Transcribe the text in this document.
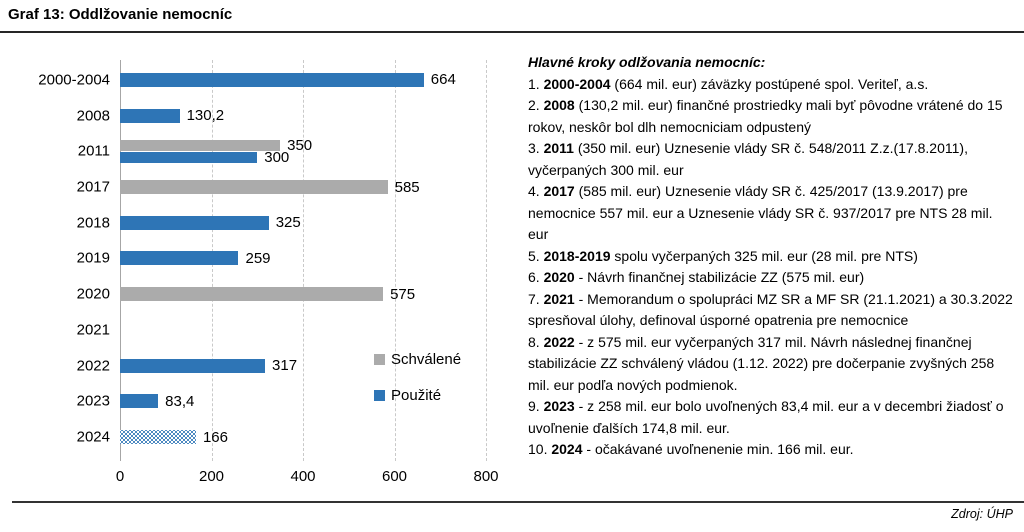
Graf 13: Oddlžovanie nemocníc
2000-2004	664
2008	130,2
2011	350
300
2017	585
2018	325
2019	259
2020	575
2021
2022	317
2023	83,4
2024	166
0	200	400	600	800
Schválené
Použité
Hlavné kroky odlžovania nemocníc:
1. 2000-2004 (664 mil. eur) záväzky postúpené spol. Veriteľ, a.s.
2. 2008 (130,2 mil. eur) finančné prostriedky mali byť pôvodne vrátené do 15 rokov, neskôr bol dlh nemocniciam odpustený
3. 2011 (350 mil. eur) Uznesenie vlády SR č. 548/2011 Z.z.(17.8.2011), vyčerpaných 300 mil. eur
4. 2017 (585 mil. eur) Uznesenie vlády SR č. 425/2017 (13.9.2017) pre nemocnice 557 mil. eur a Uznesenie vlády SR č. 937/2017 pre NTS 28 mil. eur
5. 2018-2019 spolu vyčerpaných 325 mil. eur (28 mil. pre NTS)
6. 2020 - Návrh finančnej stabilizácie ZZ (575 mil. eur)
7. 2021 - Memorandum o spolupráci MZ SR a MF SR (21.1.2021) a 30.3.2022 spresňoval úlohy, definoval úsporné opatrenia pre nemocnice
8. 2022 - z 575 mil. eur vyčerpaných 317 mil. Návrh následnej finančnej stabilizácie ZZ schválený vládou (1.12. 2022) pre dočerpanie zvyšných 258 mil. eur podľa nových podmienok.
9. 2023 - z 258 mil. eur bolo uvoľnených 83,4 mil. eur a v decembri žiadosť o uvoľnenie ďalších 174,8 mil. eur.
10. 2024 - očakávané uvoľnenenie min. 166 mil. eur.
Zdroj: ÚHP
